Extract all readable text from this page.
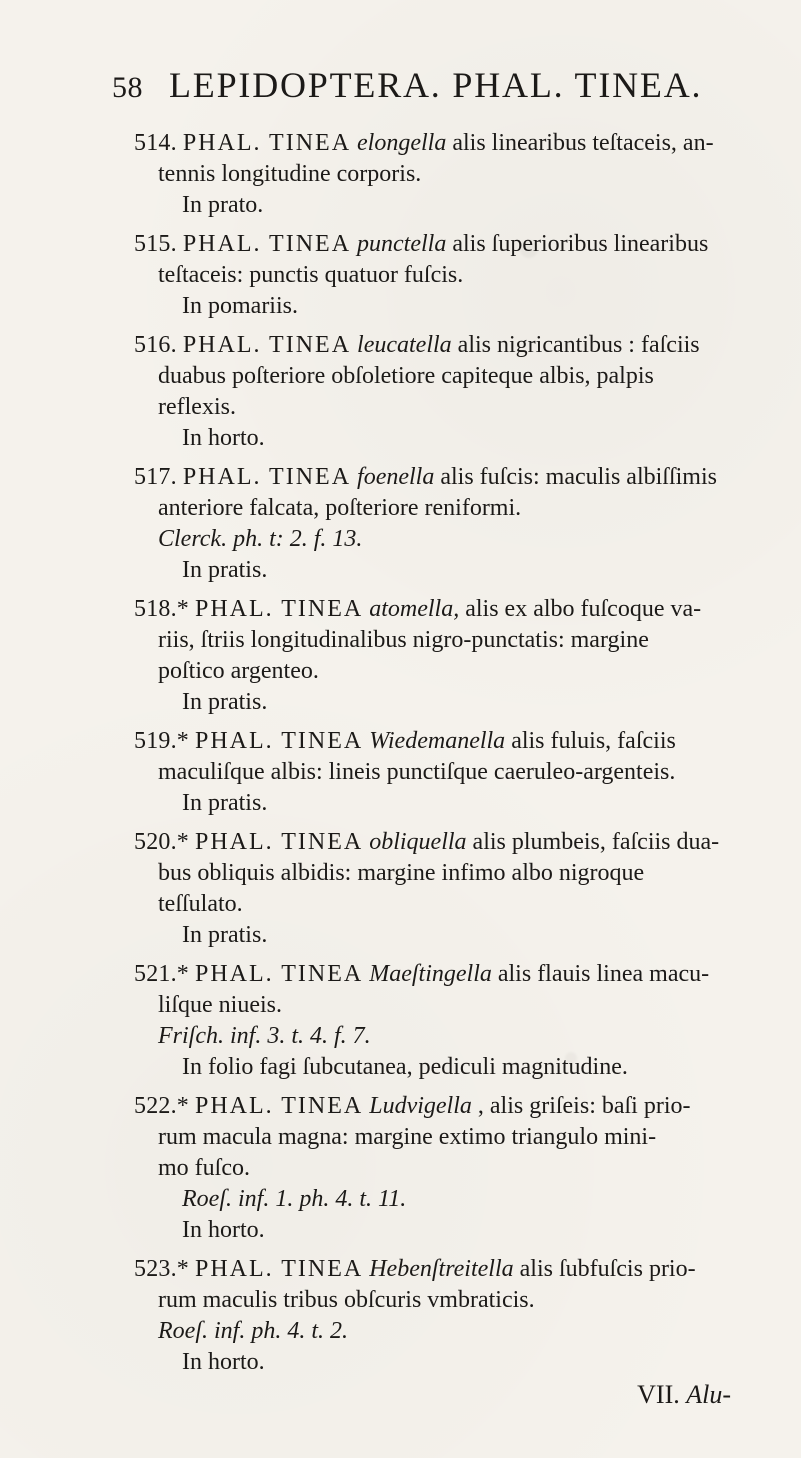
58 LEPIDOPTERA. PHAL. TINEA.
514. PHAL. TINEA elongella alis linearibus teſtaceis, an-
tennis longitudine corporis.
In prato.
515. PHAL. TINEA punctella alis ſuperioribus linearibus
teſtaceis: punctis quatuor fuſcis.
In pomariis.
516. PHAL. TINEA leucatella alis nigricantibus : faſciis
duabus poſteriore obſoletiore capiteque albis, palpis
reflexis.
In horto.
517. PHAL. TINEA foenella alis fuſcis: maculis albiſſimis
anteriore falcata, poſteriore reniformi.
Clerck. ph. t: 2. f. 13.
In pratis.
518.* PHAL. TINEA atomella, alis ex albo fuſcoque va-
riis, ſtriis longitudinalibus nigro-punctatis: margine
poſtico argenteo.
In pratis.
519.* PHAL. TINEA Wiedemanella alis fuluis, faſciis
maculiſque albis: lineis punctiſque caeruleo-argenteis.
In pratis.
520.* PHAL. TINEA obliquella alis plumbeis, faſciis dua-
bus obliquis albidis: margine infimo albo nigroque
teſſulato.
In pratis.
521.* PHAL. TINEA Maeſtingella alis flauis linea macu-
liſque niueis.
Friſch. inf. 3. t. 4. f. 7.
In folio fagi ſubcutanea, pediculi magnitudine.
522.* PHAL. TINEA Ludvigella , alis griſeis: baſi prio-
rum macula magna: margine extimo triangulo mini-
mo fuſco.
Roeſ. inf. 1. ph. 4. t. 11.
In horto.
523.* PHAL. TINEA Hebenſtreitella alis ſubfuſcis prio-
rum maculis tribus obſcuris vmbraticis.
Roeſ. inf. ph. 4. t. 2.
In horto.
VII. Alu-
